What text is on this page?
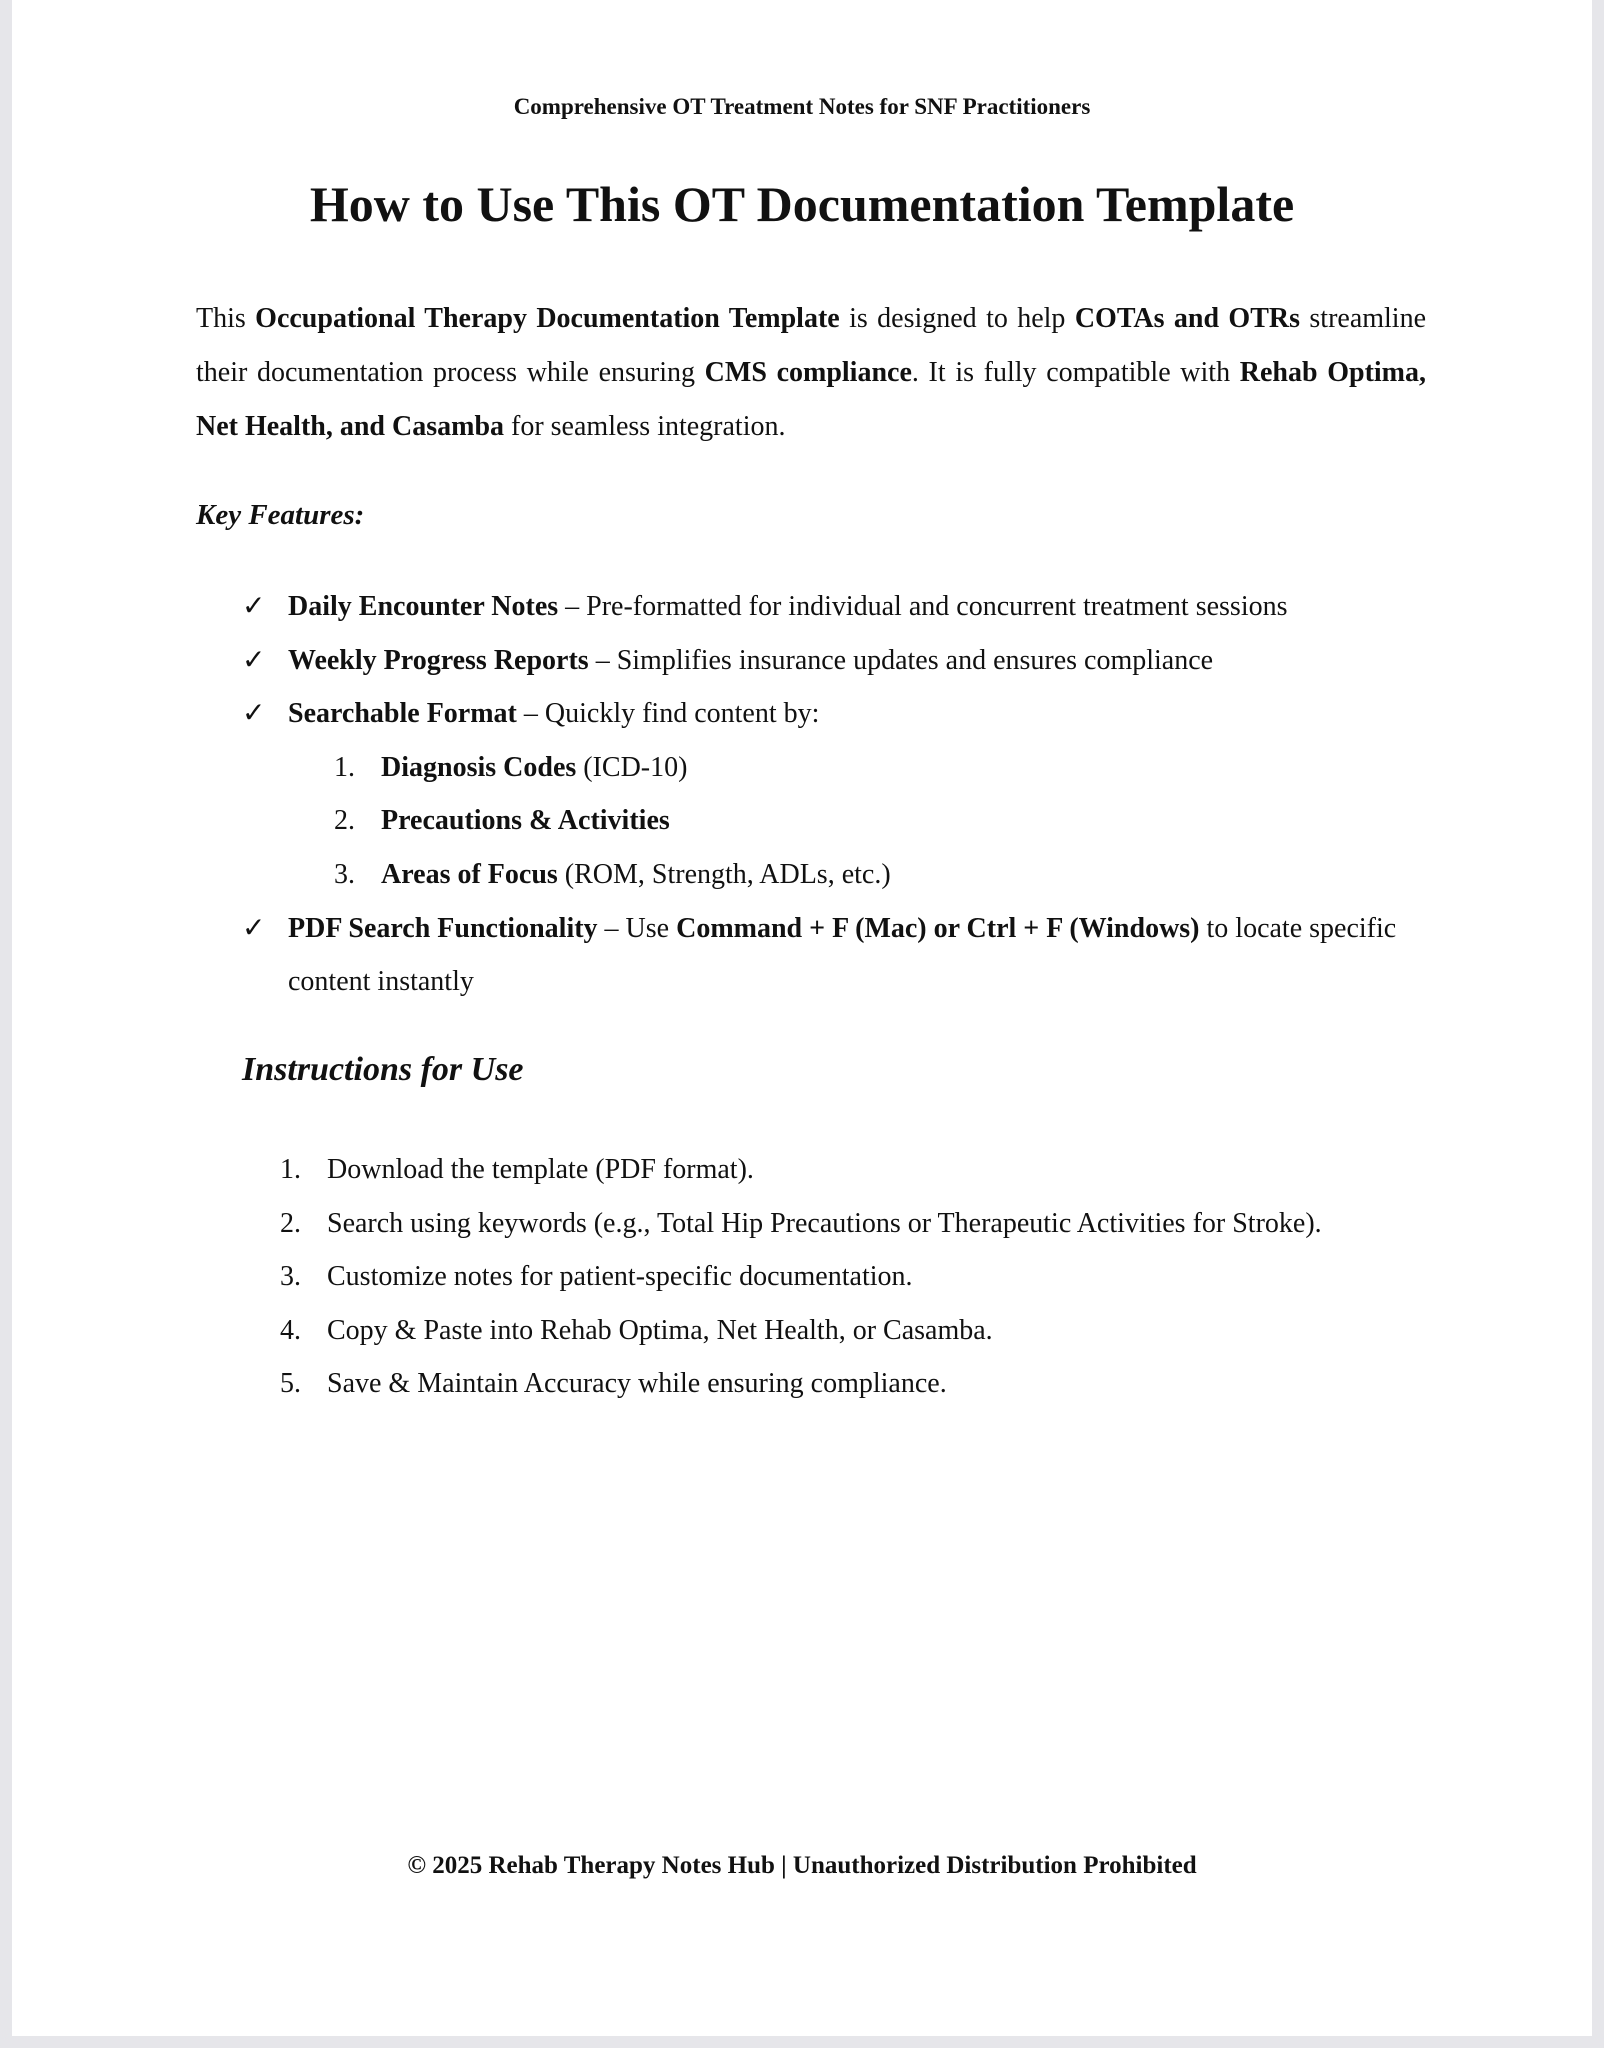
Comprehensive OT Treatment Notes for SNF Practitioners
How to Use This OT Documentation Template

This Occupational Therapy Documentation Template is designed to help COTAs and OTRs streamline their documentation process while ensuring CMS compliance. It is fully compatible with Rehab Optima, Net Health, and Casamba for seamless integration.

Key Features:

✓ Daily Encounter Notes – Pre-formatted for individual and concurrent treatment sessions
✓ Weekly Progress Reports – Simplifies insurance updates and ensures compliance
✓ Searchable Format – Quickly find content by:
1. Diagnosis Codes (ICD-10)
2. Precautions & Activities
3. Areas of Focus (ROM, Strength, ADLs, etc.)
✓ PDF Search Functionality – Use Command + F (Mac) or Ctrl + F (Windows) to locate specific content instantly

Instructions for Use

1. Download the template (PDF format).
2. Search using keywords (e.g., Total Hip Precautions or Therapeutic Activities for Stroke).
3. Customize notes for patient-specific documentation.
4. Copy & Paste into Rehab Optima, Net Health, or Casamba.
5. Save & Maintain Accuracy while ensuring compliance.
© 2025 Rehab Therapy Notes Hub | Unauthorized Distribution Prohibited
